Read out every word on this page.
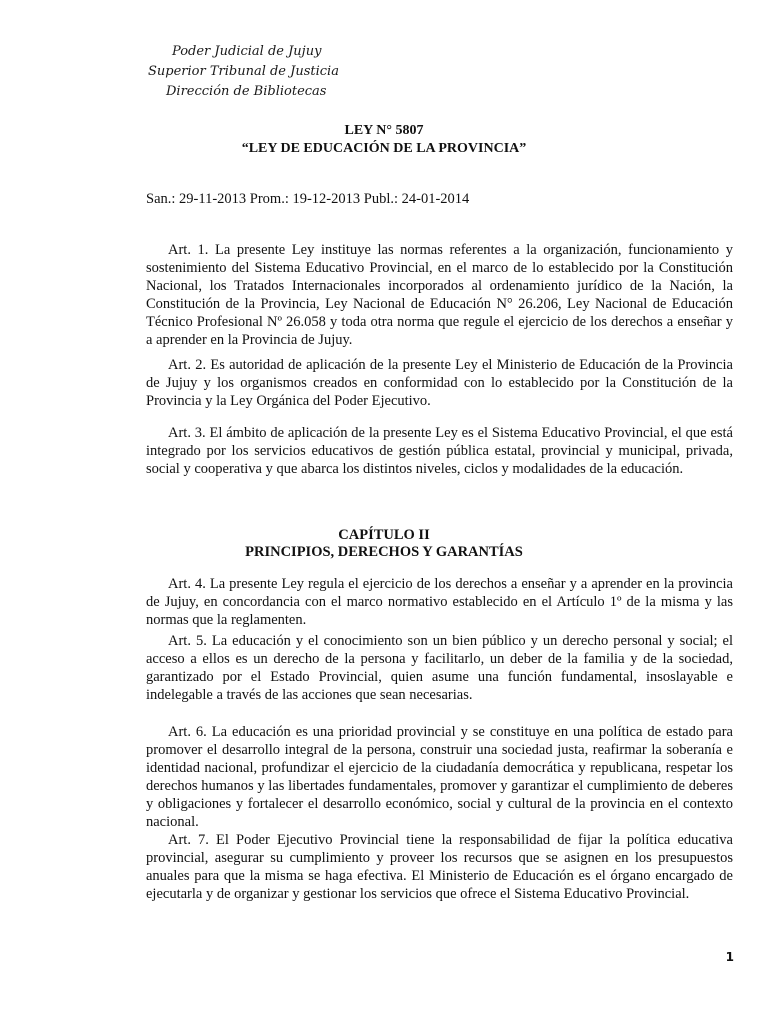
Poder Judicial de Jujuy
Superior Tribunal de Justicia
Dirección de Bibliotecas
LEY N° 5807
“LEY DE EDUCACIÓN DE LA PROVINCIA”
San.: 29-11-2013 Prom.: 19-12-2013 Publ.: 24-01-2014

Art. 1. La presente Ley instituye las normas referentes a la organización, funcionamiento y sostenimiento del Sistema Educativo Provincial, en el marco de lo establecido por la Constitución Nacional, los Tratados Internacionales incorporados al ordenamiento jurídico de la Nación, la Constitución de la Provincia, Ley Nacional de Educación N° 26.206, Ley Nacional de Educación Técnico Profesional Nº 26.058 y toda otra norma que regule el ejercicio de los derechos a enseñar y a aprender en la Provincia de Jujuy.

Art. 2. Es autoridad de aplicación de la presente Ley el Ministerio de Educación de la Provincia de Jujuy y los organismos creados en conformidad con lo establecido por la Constitución de la Provincia y la Ley Orgánica del Poder Ejecutivo.

Art. 3. El ámbito de aplicación de la presente Ley es el Sistema Educativo Provincial, el que está integrado por los servicios educativos de gestión pública estatal, provincial y municipal, privada, social y cooperativa y que abarca los distintos niveles, ciclos y modalidades de la educación.

CAPÍTULO II
PRINCIPIOS, DERECHOS Y GARANTÍAS

Art. 4. La presente Ley regula el ejercicio de los derechos a enseñar y a aprender en la provincia de Jujuy, en concordancia con el marco normativo establecido en el Artículo 1º de la misma y las normas que la reglamenten.

Art. 5. La educación y el conocimiento son un bien público y un derecho personal y social; el acceso a ellos es un derecho de la persona y facilitarlo, un deber de la familia y de la sociedad, garantizado por el Estado Provincial, quien asume una función fundamental, insoslayable e indelegable a través de las acciones que sean necesarias.

Art. 6. La educación es una prioridad provincial y se constituye en una política de estado para promover el desarrollo integral de la persona, construir una sociedad justa, reafirmar la soberanía e identidad nacional, profundizar el ejercicio de la ciudadanía democrática y republicana, respetar los derechos humanos y las libertades fundamentales, promover y garantizar el cumplimiento de deberes y obligaciones y fortalecer el desarrollo económico, social y cultural de la provincia en el contexto nacional.

Art. 7. El Poder Ejecutivo Provincial tiene la responsabilidad de fijar la política educativa provincial, asegurar su cumplimiento y proveer los recursos que se asignen en los presupuestos anuales para que la misma se haga efectiva. El Ministerio de Educación es el órgano encargado de ejecutarla y de organizar y gestionar los servicios que ofrece el Sistema Educativo Provincial.

1
